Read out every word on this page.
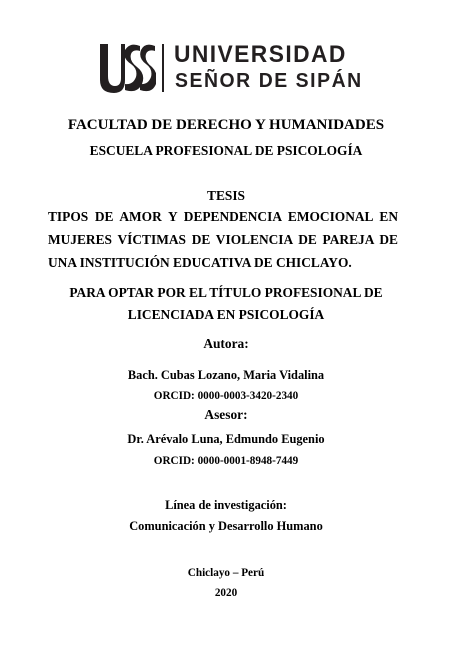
UNIVERSIDAD
SEÑOR DE SIPÁN
FACULTAD DE DERECHO Y HUMANIDADES
ESCUELA PROFESIONAL DE PSICOLOGÍA
TESIS
TIPOS DE AMOR Y DEPENDENCIA EMOCIONAL EN
MUJERES VÍCTIMAS DE VIOLENCIA DE PAREJA DE
UNA INSTITUCIÓN EDUCATIVA DE CHICLAYO.
PARA OPTAR POR EL TÍTULO PROFESIONAL DE
LICENCIADA EN PSICOLOGÍA
Autora:
Bach. Cubas Lozano, Maria Vidalina
ORCID: 0000-0003-3420-2340
Asesor:
Dr. Arévalo Luna, Edmundo Eugenio
ORCID: 0000-0001-8948-7449
Línea de investigación:
Comunicación y Desarrollo Humano
Chiclayo – Perú
2020
